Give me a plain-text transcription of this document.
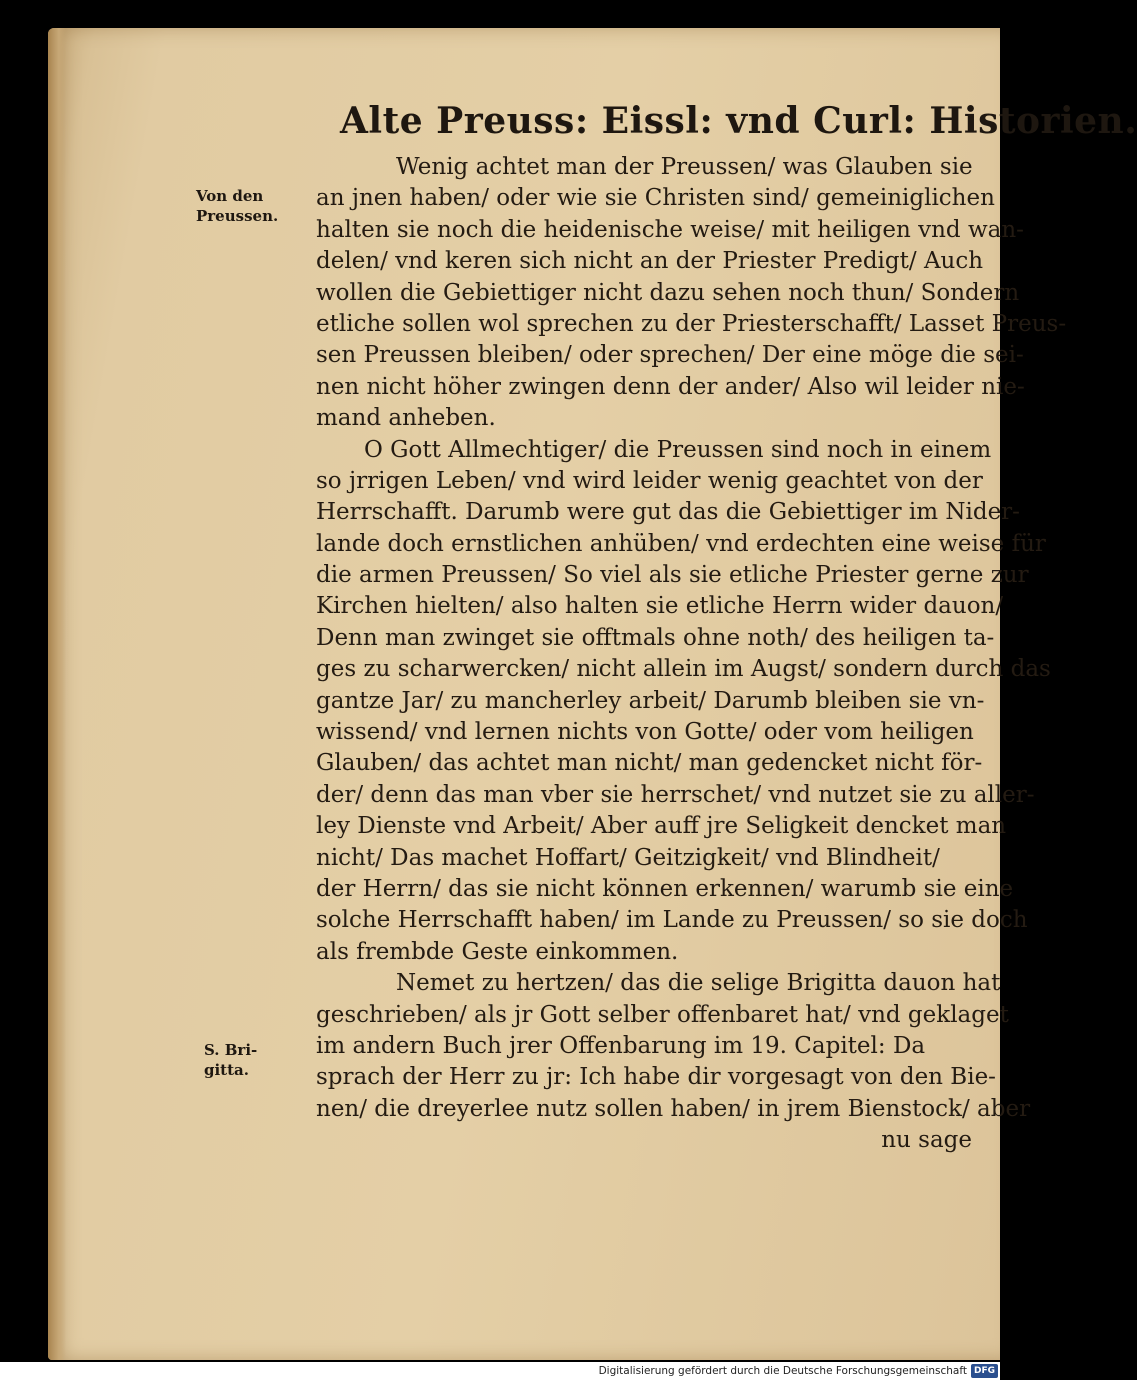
Alte Preuss: Eissl: vnd Curl: Historien.
Von den
Preussen.
S. Bri-
gitta.
Wenig achtet man der Preussen/ was Glauben sie
an jnen haben/ oder wie sie Christen sind/ gemeiniglichen
halten sie noch die heidenische weise/ mit heiligen vnd wan-
delen/ vnd keren sich nicht an der Priester Predigt/ Auch
wollen die Gebiettiger nicht dazu sehen noch thun/ Sondern
etliche sollen wol sprechen zu der Priesterschafft/ Lasset Preus-
sen Preussen bleiben/ oder sprechen/ Der eine möge die sei-
nen nicht höher zwingen denn der ander/ Also wil leider nie-
mand anheben.
O Gott Allmechtiger/ die Preussen sind noch in einem
so jrrigen Leben/ vnd wird leider wenig geachtet von der
Herrschafft. Darumb were gut das die Gebiettiger im Nider-
lande doch ernstlichen anhüben/ vnd erdechten eine weise für
die armen Preussen/ So viel als sie etliche Priester gerne zur
Kirchen hielten/ also halten sie etliche Herrn wider dauon/
Denn man zwinget sie offtmals ohne noth/ des heiligen ta-
ges zu scharwercken/ nicht allein im Augst/ sondern durch das
gantze Jar/ zu mancherley arbeit/ Darumb bleiben sie vn-
wissend/ vnd lernen nichts von Gotte/ oder vom heiligen
Glauben/ das achtet man nicht/ man gedencket nicht för-
der/ denn das man vber sie herrschet/ vnd nutzet sie zu aller-
ley Dienste vnd Arbeit/ Aber auff jre Seligkeit dencket man
nicht/ Das machet Hoffart/ Geitzigkeit/ vnd Blindheit/
der Herrn/ das sie nicht können erkennen/ warumb sie eine
solche Herrschafft haben/ im Lande zu Preussen/ so sie doch
als frembde Geste einkommen.
Nemet zu hertzen/ das die selige Brigitta dauon hat
geschrieben/ als jr Gott selber offenbaret hat/ vnd geklaget
im andern Buch jrer Offenbarung im 19. Capitel: Da
sprach der Herr zu jr: Ich habe dir vorgesagt von den Bie-
nen/ die dreyerlee nutz sollen haben/ in jrem Bienstock/ aber
nu sage
Digitalisierung gefördert durch die Deutsche Forschungsgemeinschaft DFG
